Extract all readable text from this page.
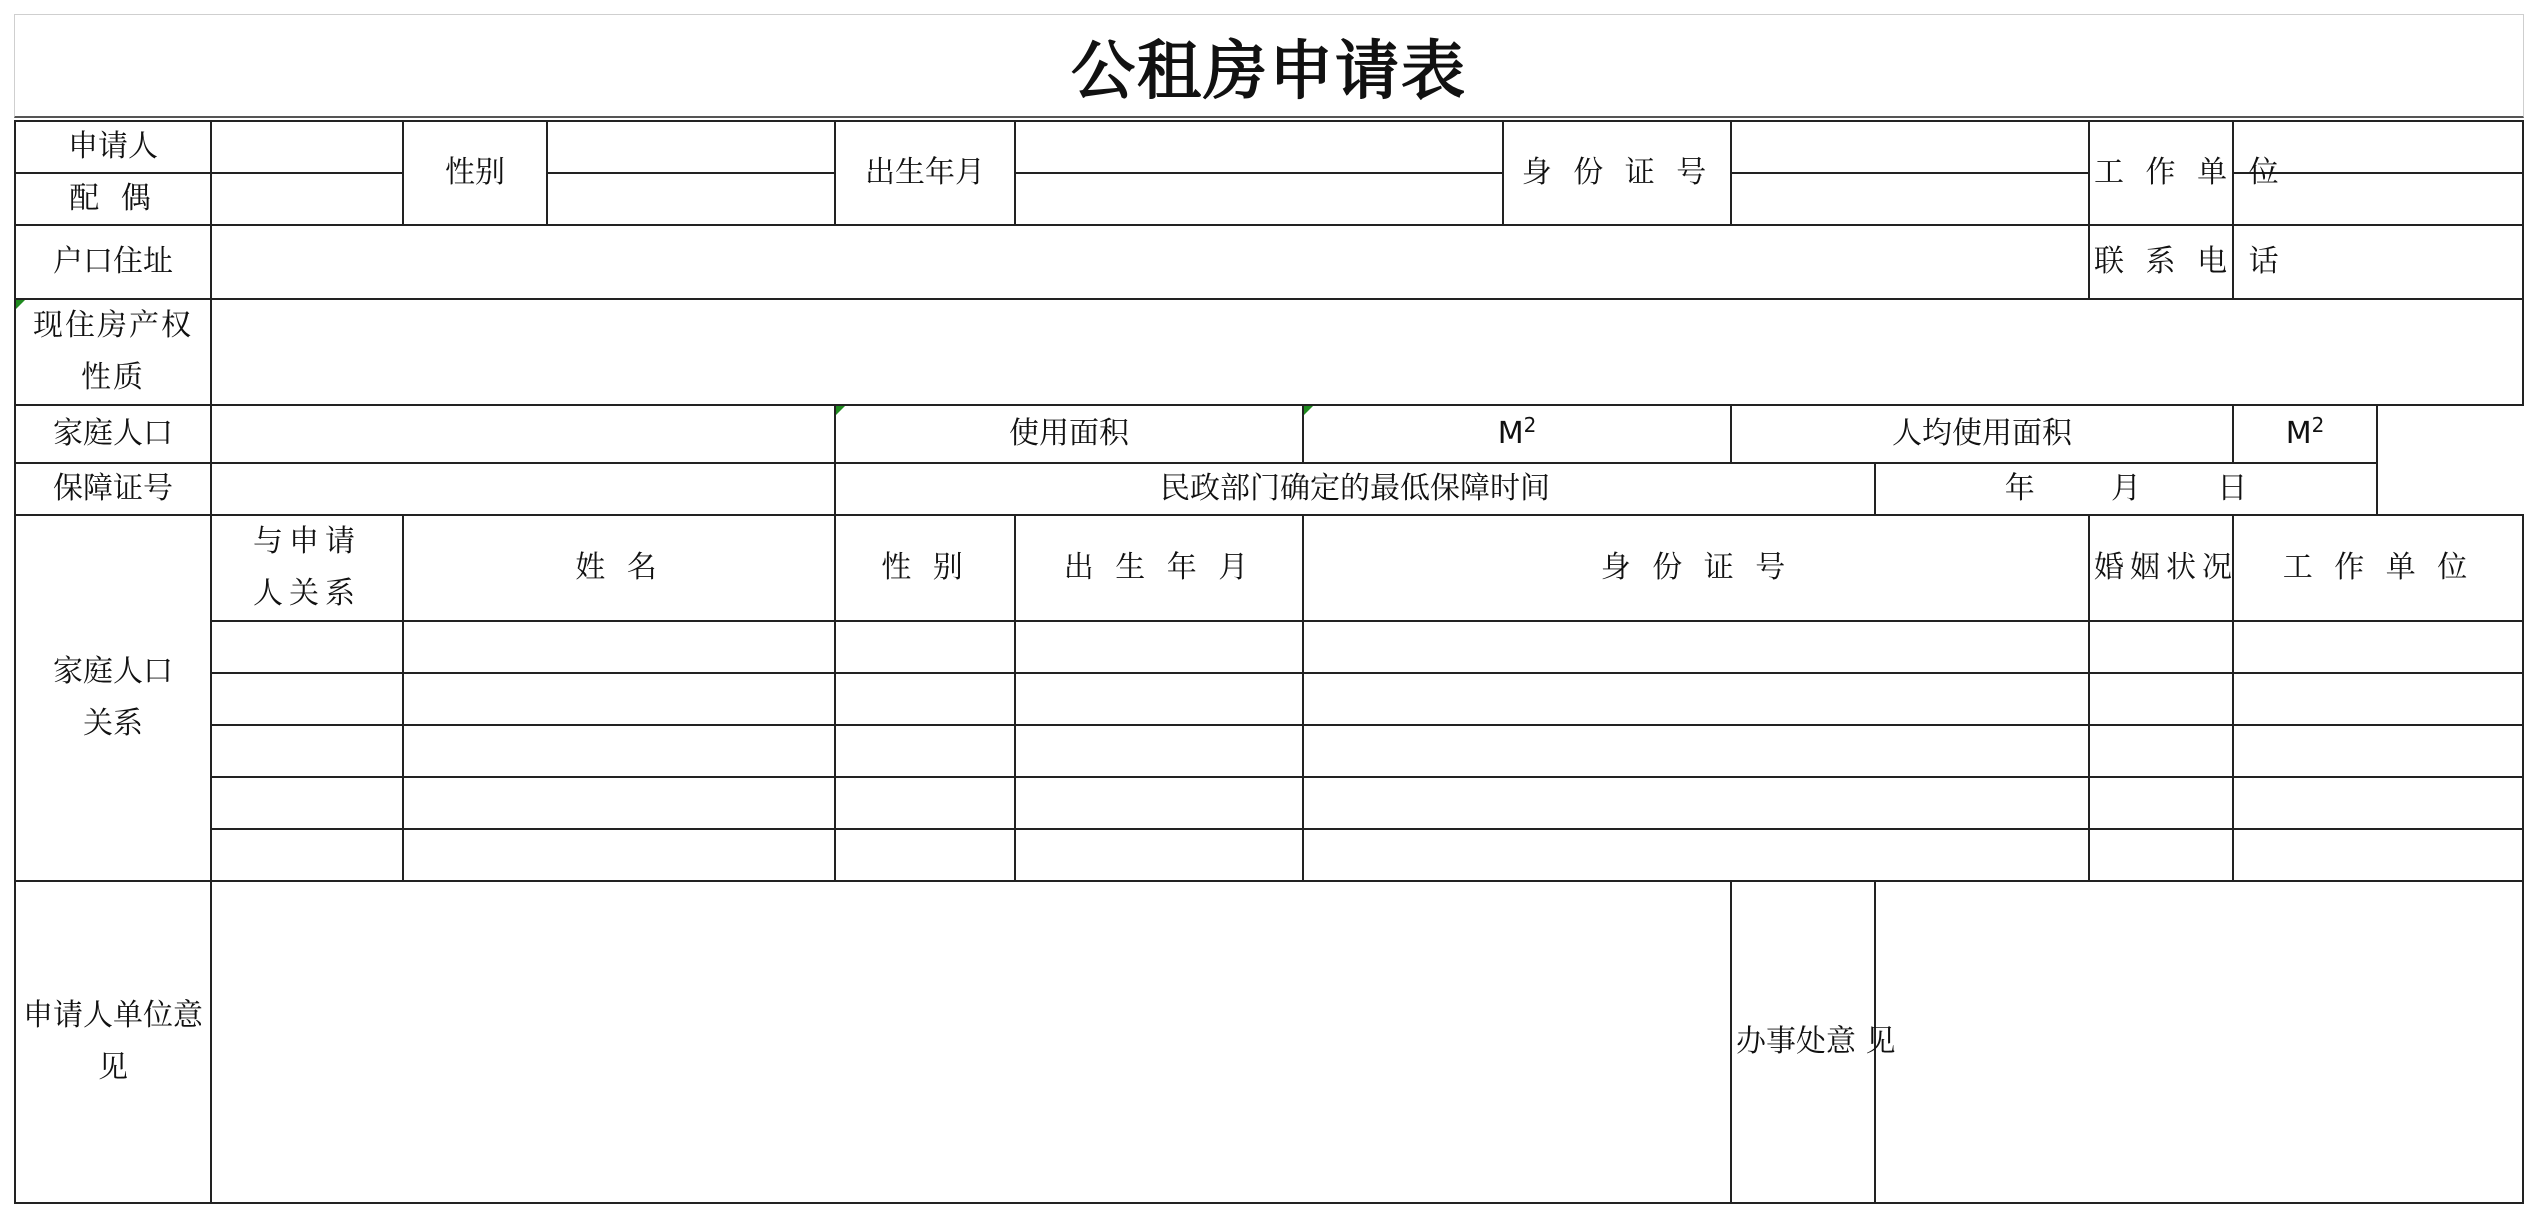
公租房申请表
申请人		性别		出生年月			身 份 证 号			工 作 单 位	
配 偶											
户口住址										联 系 电 话	

现住房产权性质											
家庭人口				使用面积		$M^2$		人均使用面积			$M^2$
保障证号				民政部门确定的最低保障时间					年        月        日		

家庭人口关系	与申请人关系	姓 名		性 别	出 生 年 月	身 份 证 号				婚姻状况	工 作 单 位

申请人单位意见								办事处意 见			
